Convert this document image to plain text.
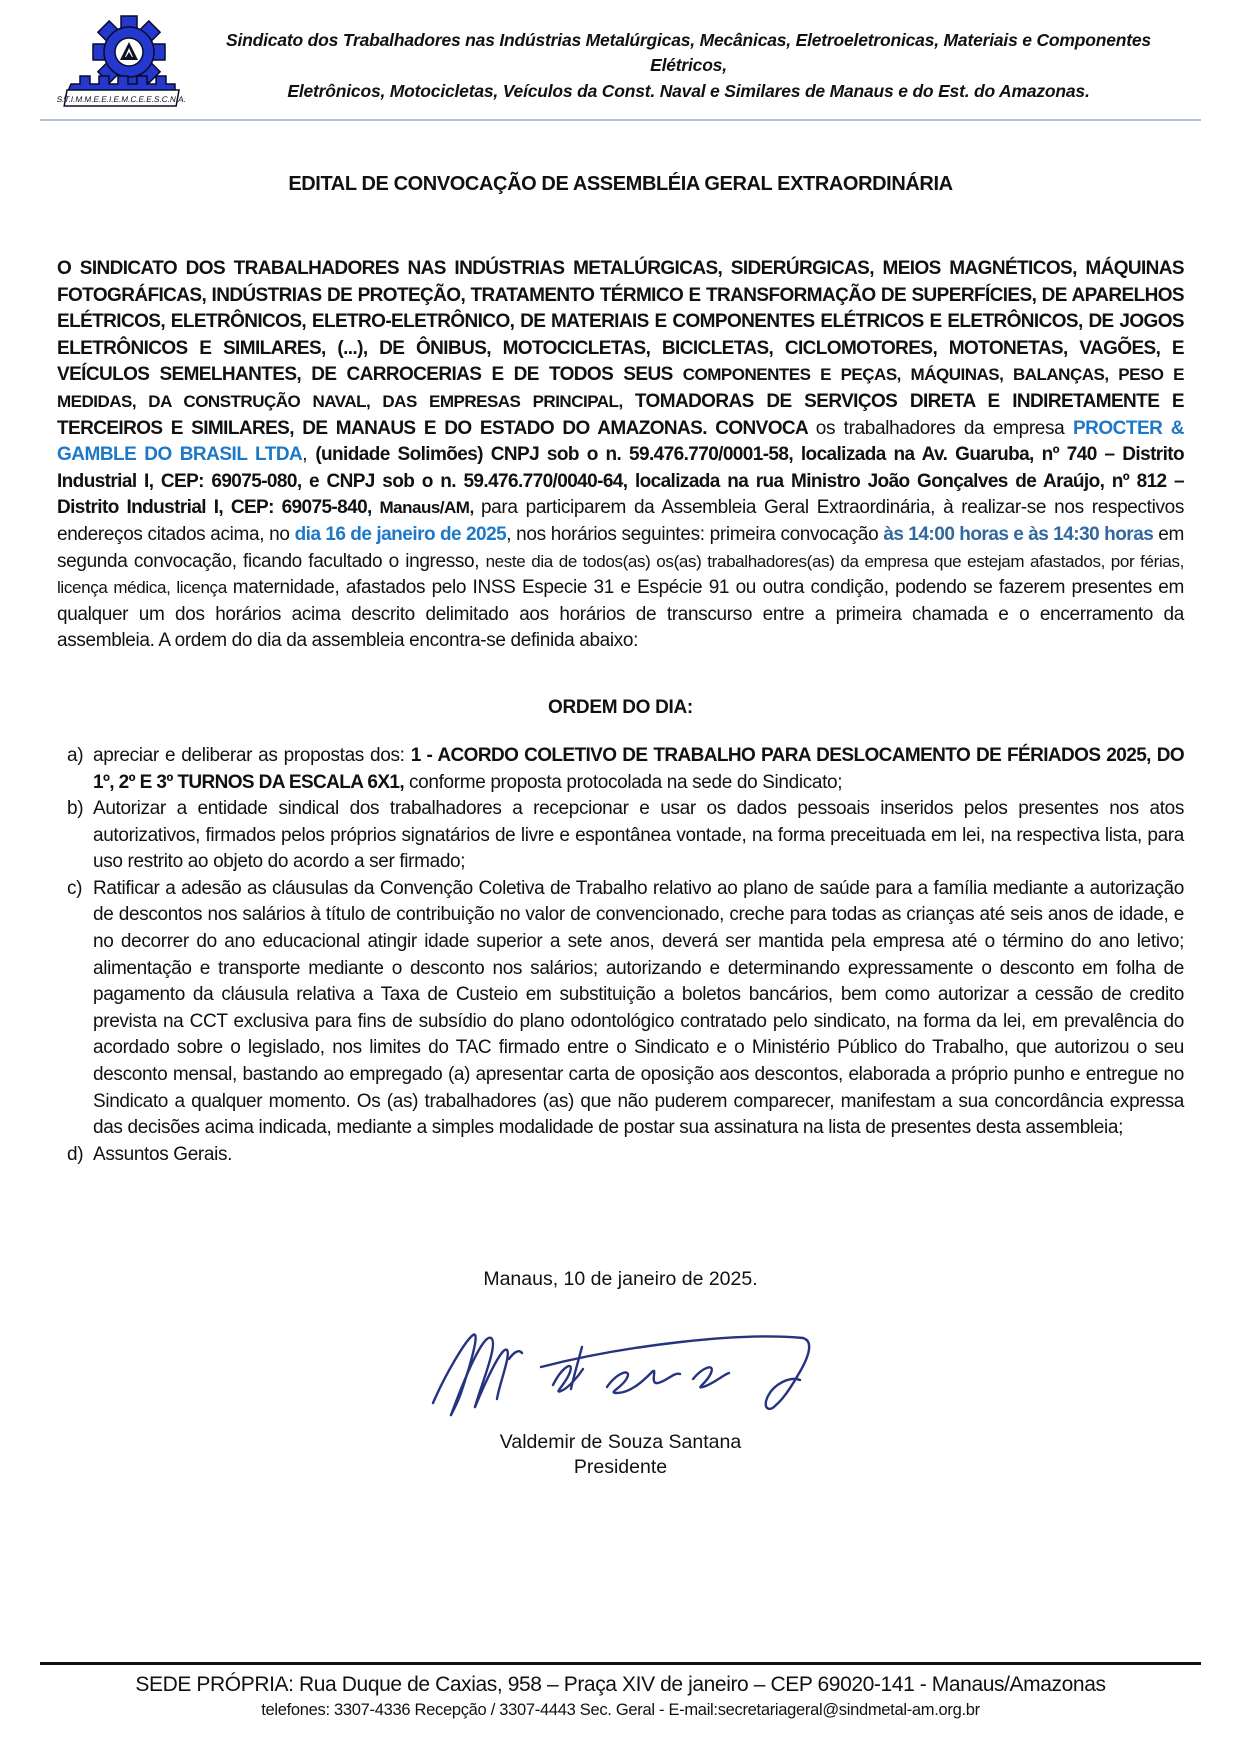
S.T.I.M.M.E.E.I.E.M.C.E.E.S.C.N.A.
Sindicato dos Trabalhadores nas Indústrias Metalúrgicas, Mecânicas, Eletroeletronicas, Materiais e Componentes Elétricos,
Eletrônicos, Motocicletas, Veículos da Const. Naval e Similares de Manaus e do Est. do Amazonas.
EDITAL DE CONVOCAÇÃO DE ASSEMBLÉIA GERAL EXTRAORDINÁRIA

O SINDICATO DOS TRABALHADORES NAS INDÚSTRIAS METALÚRGICAS, SIDERÚRGICAS, MEIOS MAGNÉTICOS, MÁQUINAS FOTOGRÁFICAS, INDÚSTRIAS DE PROTEÇÃO, TRATAMENTO TÉRMICO E TRANSFORMAÇÃO DE SUPERFÍCIES, DE APARELHOS ELÉTRICOS, ELETRÔNICOS, ELETRO-ELETRÔNICO, DE MATERIAIS E COMPONENTES ELÉTRICOS E ELETRÔNICOS, DE JOGOS ELETRÔNICOS E SIMILARES, (...), DE ÔNIBUS, MOTOCICLETAS, BICICLETAS, CICLOMOTORES, MOTONETAS, VAGÕES, E VEÍCULOS SEMELHANTES, DE CARROCERIAS E DE TODOS SEUS COMPONENTES E PEÇAS, MÁQUINAS, BALANÇAS, PESO E MEDIDAS, DA CONSTRUÇÃO NAVAL, DAS EMPRESAS PRINCIPAL, TOMADORAS DE SERVIÇOS DIRETA E INDIRETAMENTE E TERCEIROS E SIMILARES, DE MANAUS E DO ESTADO DO AMAZONAS. CONVOCA os trabalhadores da empresa PROCTER & GAMBLE DO BRASIL LTDA, (unidade Solimões) CNPJ sob o n. 59.476.770/0001-58, localizada na Av. Guaruba, nº 740 – Distrito Industrial I, CEP: 69075-080, e CNPJ sob o n. 59.476.770/0040-64, localizada na rua Ministro João Gonçalves de Araújo, nº 812 – Distrito Industrial I, CEP: 69075-840, Manaus/AM, para participarem da Assembleia Geral Extraordinária, à realizar-se nos respectivos endereços citados acima, no dia 16 de janeiro de 2025, nos horários seguintes: primeira convocação às 14:00 horas e às 14:30 horas em segunda convocação, ficando facultado o ingresso, neste dia de todos(as) os(as) trabalhadores(as) da empresa que estejam afastados, por férias, licença médica, licença maternidade, afastados pelo INSS Especie 31 e Espécie 91 ou outra condição, podendo se fazerem presentes em qualquer um dos horários acima descrito delimitado aos horários de transcurso entre a primeira chamada e o encerramento da assembleia. A ordem do dia da assembleia encontra-se definida abaixo:

ORDEM DO DIA:
a) apreciar e deliberar as propostas dos: 1 - ACORDO COLETIVO DE TRABALHO PARA DESLOCAMENTO DE FÉRIADOS 2025, DO 1º, 2º E 3º TURNOS DA ESCALA 6X1, conforme proposta protocolada na sede do Sindicato;
b) Autorizar a entidade sindical dos trabalhadores a recepcionar e usar os dados pessoais inseridos pelos presentes nos atos autorizativos, firmados pelos próprios signatários de livre e espontânea vontade, na forma preceituada em lei, na respectiva lista, para uso restrito ao objeto do acordo a ser firmado;
c) Ratificar a adesão as cláusulas da Convenção Coletiva de Trabalho relativo ao plano de saúde para a família mediante a autorização de descontos nos salários à título de contribuição no valor de convencionado, creche para todas as crianças até seis anos de idade, e no decorrer do ano educacional atingir idade superior a sete anos, deverá ser mantida pela empresa até o término do ano letivo; alimentação e transporte mediante o desconto nos salários; autorizando e determinando expressamente o desconto em folha de pagamento da cláusula relativa a Taxa de Custeio em substituição a boletos bancários, bem como autorizar a cessão de credito prevista na CCT exclusiva para fins de subsídio do plano odontológico contratado pelo sindicato, na forma da lei, em prevalência do acordado sobre o legislado, nos limites do TAC firmado entre o Sindicato e o Ministério Público do Trabalho, que autorizou o seu desconto mensal, bastando ao empregado (a) apresentar carta de oposição aos descontos, elaborada a próprio punho e entregue no Sindicato a qualquer momento. Os (as) trabalhadores (as) que não puderem comparecer, manifestam a sua concordância expressa das decisões acima indicada, mediante a simples modalidade de postar sua assinatura na lista de presentes desta assembleia;
d) Assuntos Gerais.
Manaus, 10 de janeiro de 2025.
Valdemir de Souza Santana
Presidente
SEDE PRÓPRIA: Rua Duque de Caxias, 958 – Praça XIV de janeiro – CEP 69020-141 - Manaus/Amazonas
telefones: 3307-4336 Recepção / 3307-4443 Sec. Geral - E-mail:secretariageral@sindmetal-am.org.br
